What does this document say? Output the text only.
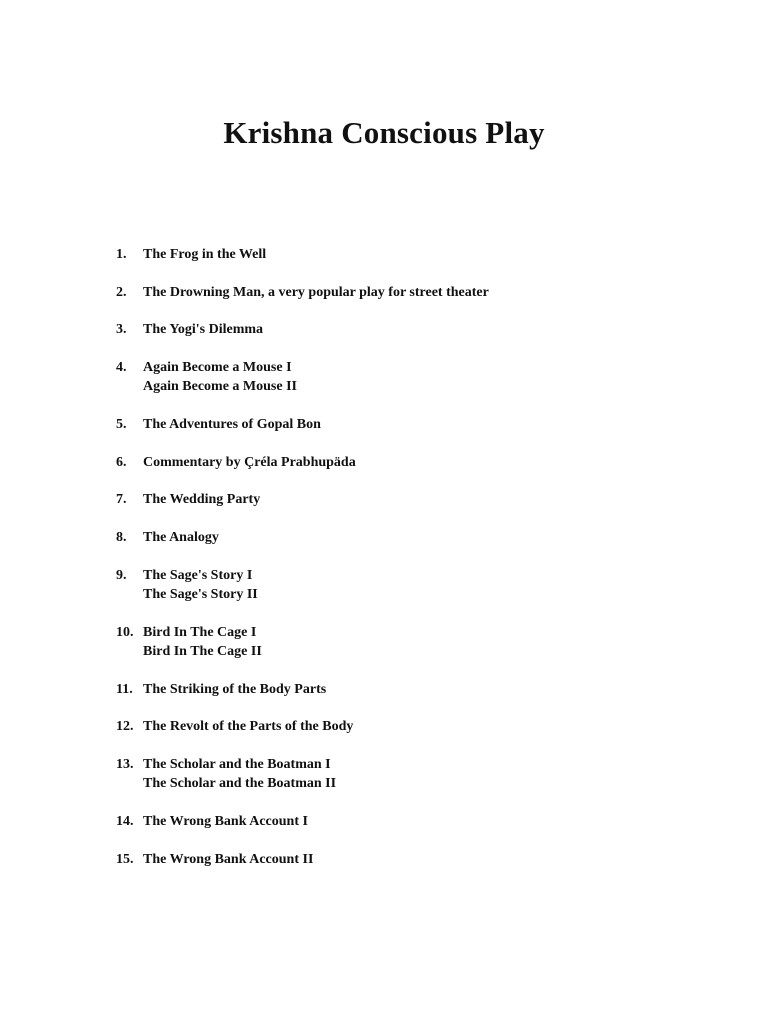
Krishna Conscious Play
1.	The Frog in the Well
2.	The Drowning Man, a very popular play for street theater
3.	The Yogi's Dilemma
4.	Again Become a Mouse I
Again Become a Mouse II
5.	The Adventures of Gopal Bon
6.	Commentary by Çréla Prabhupäda
7.	The Wedding Party
8.	The Analogy
9.	The Sage's Story I
The Sage's Story II
10. Bird In The Cage I
Bird In The Cage II
11. The Striking of the Body Parts
12. The Revolt of the Parts of the Body
13. The Scholar and the Boatman I
The Scholar and the Boatman II
14. The Wrong Bank Account I
15. The Wrong Bank Account II
